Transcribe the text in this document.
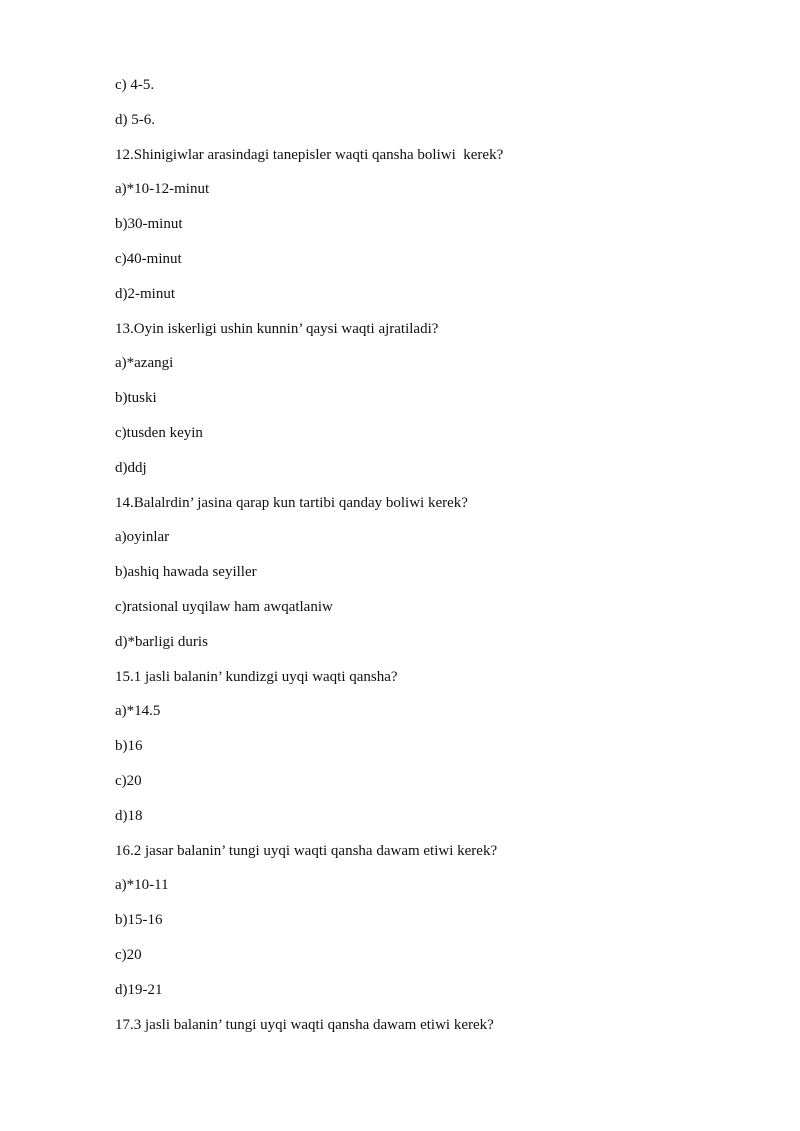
c) 4-5.
d) 5-6.
12.Shinigiwlar arasindagi tanepisler waqti qansha boliwi  kerek?
a)*10-12-minut
b)30-minut
c)40-minut
d)2-minut
13.Oyin iskerligi ushin kunnin’ qaysi waqti ajratiladi?
a)*azangi
b)tuski
c)tusden keyin
d)ddj
14.Balalrdin’ jasina qarap kun tartibi qanday boliwi kerek?
a)oyinlar
b)ashiq hawada seyiller
c)ratsional uyqilaw ham awqatlaniw
d)*barligi duris
15.1 jasli balanin’ kundizgi uyqi waqti qansha?
a)*14.5
b)16
c)20
d)18
16.2 jasar balanin’ tungi uyqi waqti qansha dawam etiwi kerek?
a)*10-11
b)15-16
c)20
d)19-21
17.3 jasli balanin’ tungi uyqi waqti qansha dawam etiwi kerek?
